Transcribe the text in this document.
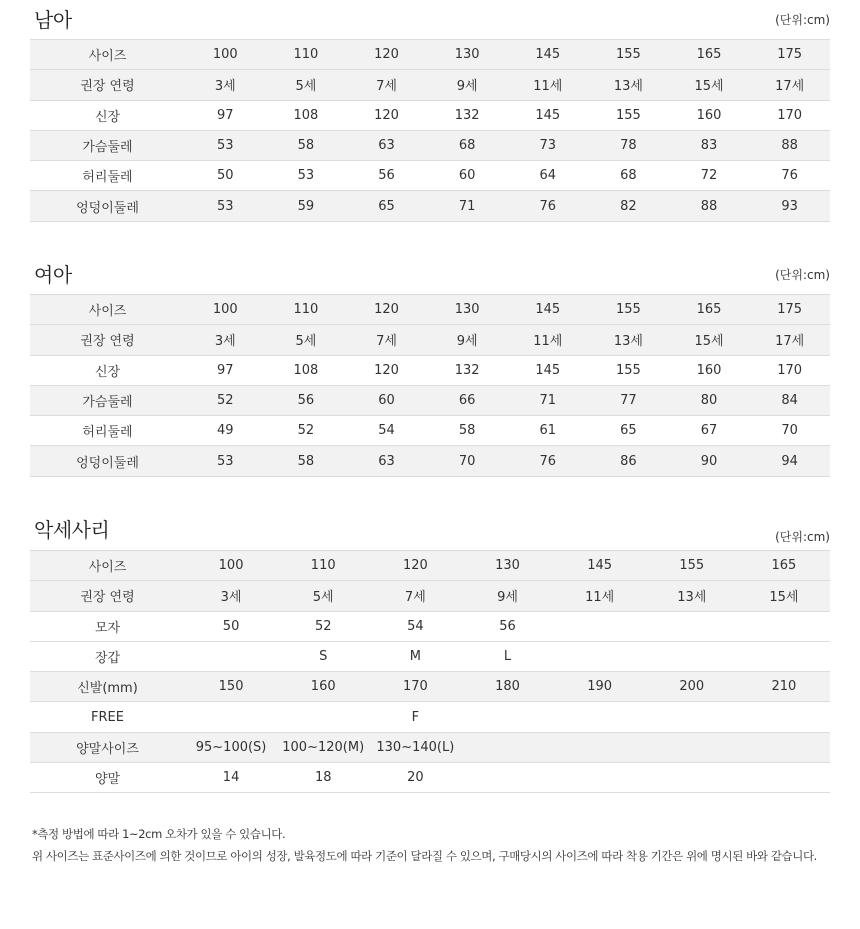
남아	(단위:cm)
사이즈	100	110	120	130	145	155	165	175
권장 연령	3세	5세	7세	9세	11세	13세	15세	17세
신장	97	108	120	132	145	155	160	170
가슴둘레	53	58	63	68	73	78	83	88
허리둘레	50	53	56	60	64	68	72	76
엉덩이둘레	53	59	65	71	76	82	88	93
여아	(단위:cm)
사이즈	100	110	120	130	145	155	165	175
권장 연령	3세	5세	7세	9세	11세	13세	15세	17세
신장	97	108	120	132	145	155	160	170
가슴둘레	52	56	60	66	71	77	80	84
허리둘레	49	52	54	58	61	65	67	70
엉덩이둘레	53	58	63	70	76	86	90	94
악세사리	(단위:cm)
사이즈	100	110	120	130	145	155	165
권장 연령	3세	5세	7세	9세	11세	13세	15세
모자	50	52	54	56			
장갑		S	M	L			
신발(mm)	150	160	170	180	190	200	210
FREE			F				
양말사이즈	95~100(S)	100~120(M)	130~140(L)				
양말	14	18	20				
*측정 방법에 따라 1~2cm 오차가 있을 수 있습니다.
위 사이즈는 표준사이즈에 의한 것이므로 아이의 성장, 발육정도에 따라 기준이 달라질 수 있으며, 구매당시의 사이즈에 따라 착용 기간은 위에 명시된 바와 같습니다.
